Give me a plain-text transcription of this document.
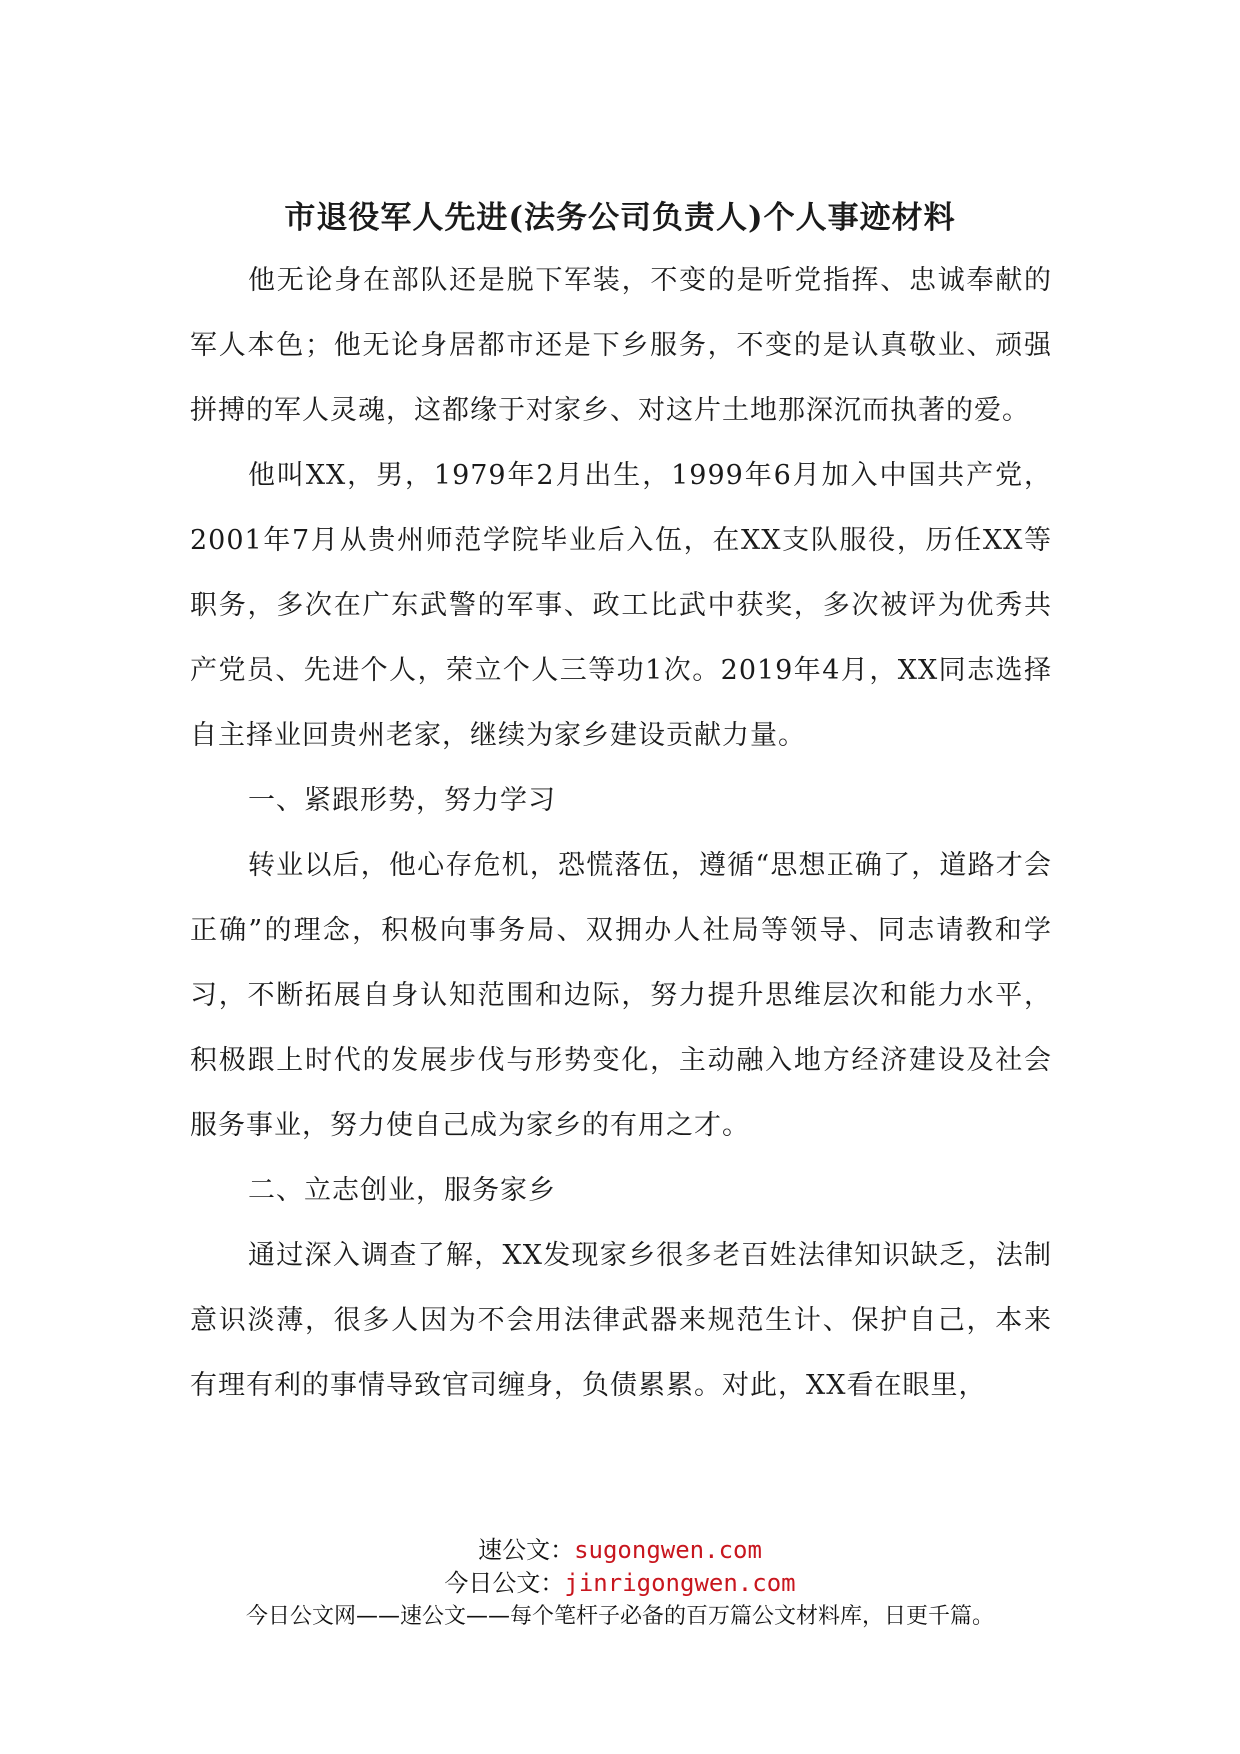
市退役军人先进(法务公司负责人)个人事迹材料

他无论身在部队还是脱下军装，不变的是听党指挥、忠诚奉献的军人本色；他无论身居都市还是下乡服务，不变的是认真敬业、顽强拼搏的军人灵魂，这都缘于对家乡、对这片土地那深沉而执著的爱。

他叫XX，男，1979年2月出生，1999年6月加入中国共产党，2001年7月从贵州师范学院毕业后入伍，在XX支队服役，历任XX等职务，多次在广东武警的军事、政工比武中获奖，多次被评为优秀共产党员、先进个人，荣立个人三等功1次。2019年4月，XX同志选择自主择业回贵州老家，继续为家乡建设贡献力量。

一、紧跟形势，努力学习

转业以后，他心存危机，恐慌落伍，遵循“思想正确了，道路才会正确”的理念，积极向事务局、双拥办人社局等领导、同志请教和学习，不断拓展自身认知范围和边际，努力提升思维层次和能力水平，积极跟上时代的发展步伐与形势变化，主动融入地方经济建设及社会服务事业，努力使自己成为家乡的有用之才。

二、立志创业，服务家乡

通过深入调查了解，XX发现家乡很多老百姓法律知识缺乏，法制意识淡薄，很多人因为不会用法律武器来规范生计、保护自己，本来有理有利的事情导致官司缠身，负债累累。对此，XX看在眼里，

速公文：sugongwen.com

今日公文：jinrigongwen.com

今日公文网——速公文——每个笔杆子必备的百万篇公文材料库，日更千篇。
